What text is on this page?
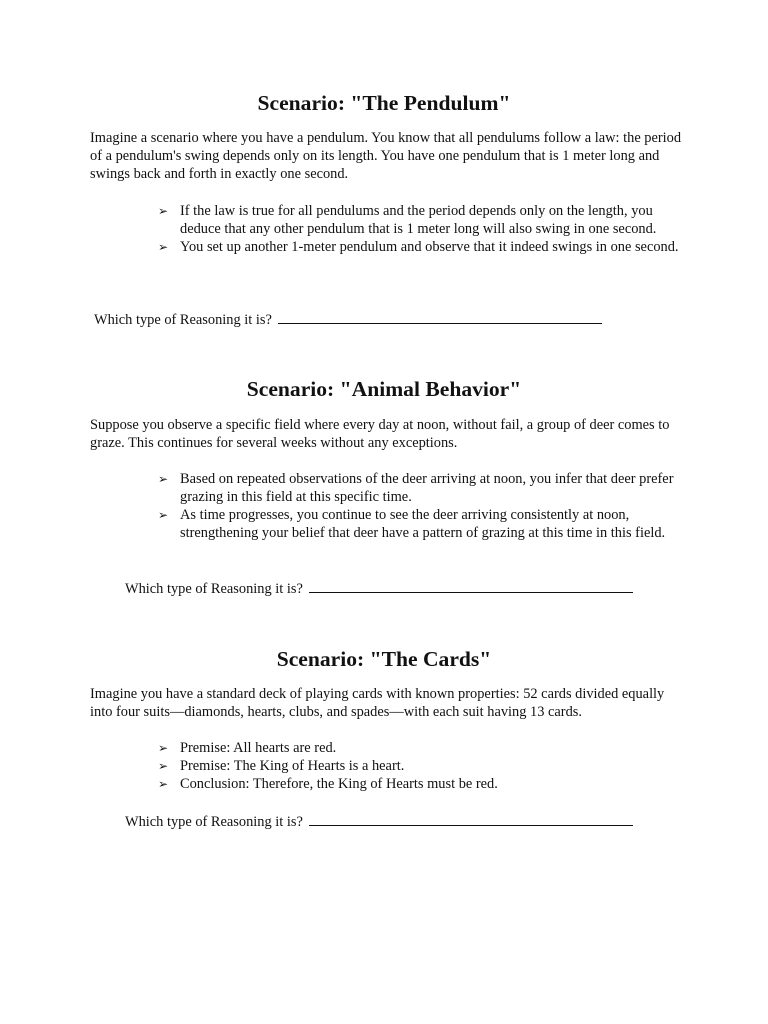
Scenario: "The Pendulum"

Imagine a scenario where you have a pendulum. You know that all pendulums follow a law: the period of a pendulum's swing depends only on its length. You have one pendulum that is 1 meter long and swings back and forth in exactly one second.

➢ If the law is true for all pendulums and the period depends only on the length, you deduce that any other pendulum that is 1 meter long will also swing in one second.
➢ You set up another 1-meter pendulum and observe that it indeed swings in one second.

Which type of Reasoning it is?

Scenario: "Animal Behavior"

Suppose you observe a specific field where every day at noon, without fail, a group of deer comes to graze. This continues for several weeks without any exceptions.

➢ Based on repeated observations of the deer arriving at noon, you infer that deer prefer grazing in this field at this specific time.
➢ As time progresses, you continue to see the deer arriving consistently at noon, strengthening your belief that deer have a pattern of grazing at this time in this field.

Which type of Reasoning it is?

Scenario: "The Cards"

Imagine you have a standard deck of playing cards with known properties: 52 cards divided equally into four suits—diamonds, hearts, clubs, and spades—with each suit having 13 cards.

➢ Premise: All hearts are red.
➢ Premise: The King of Hearts is a heart.
➢ Conclusion: Therefore, the King of Hearts must be red.

Which type of Reasoning it is?
